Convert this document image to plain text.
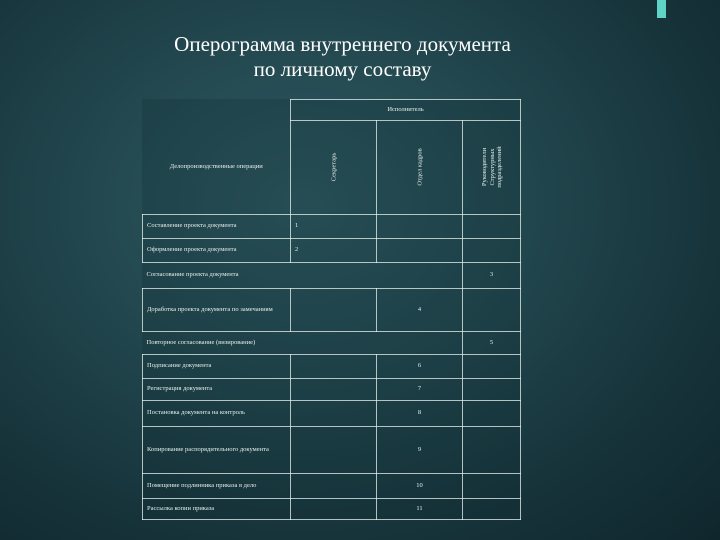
Оперограмма внутреннего документа
по личному составу
	Исполнитель		
Делопроизводственные операции	Секретарь	Отдел кадров	Руководители Структурных подразделений

Составление проекта документа	1		
Оформление проекта документа	2		
Согласование проекта документа			3
Доработка проекта документа по замечаниям		4	
Повторное согласование (визирование)			5
Подписание документа		6	
Регистрация документа		7	
Постановка документа на контроль		8	
Копирование распорядительного документа		9	
Помещение подлинника приказа в дело		10	
Рассылка копии приказа		11	
